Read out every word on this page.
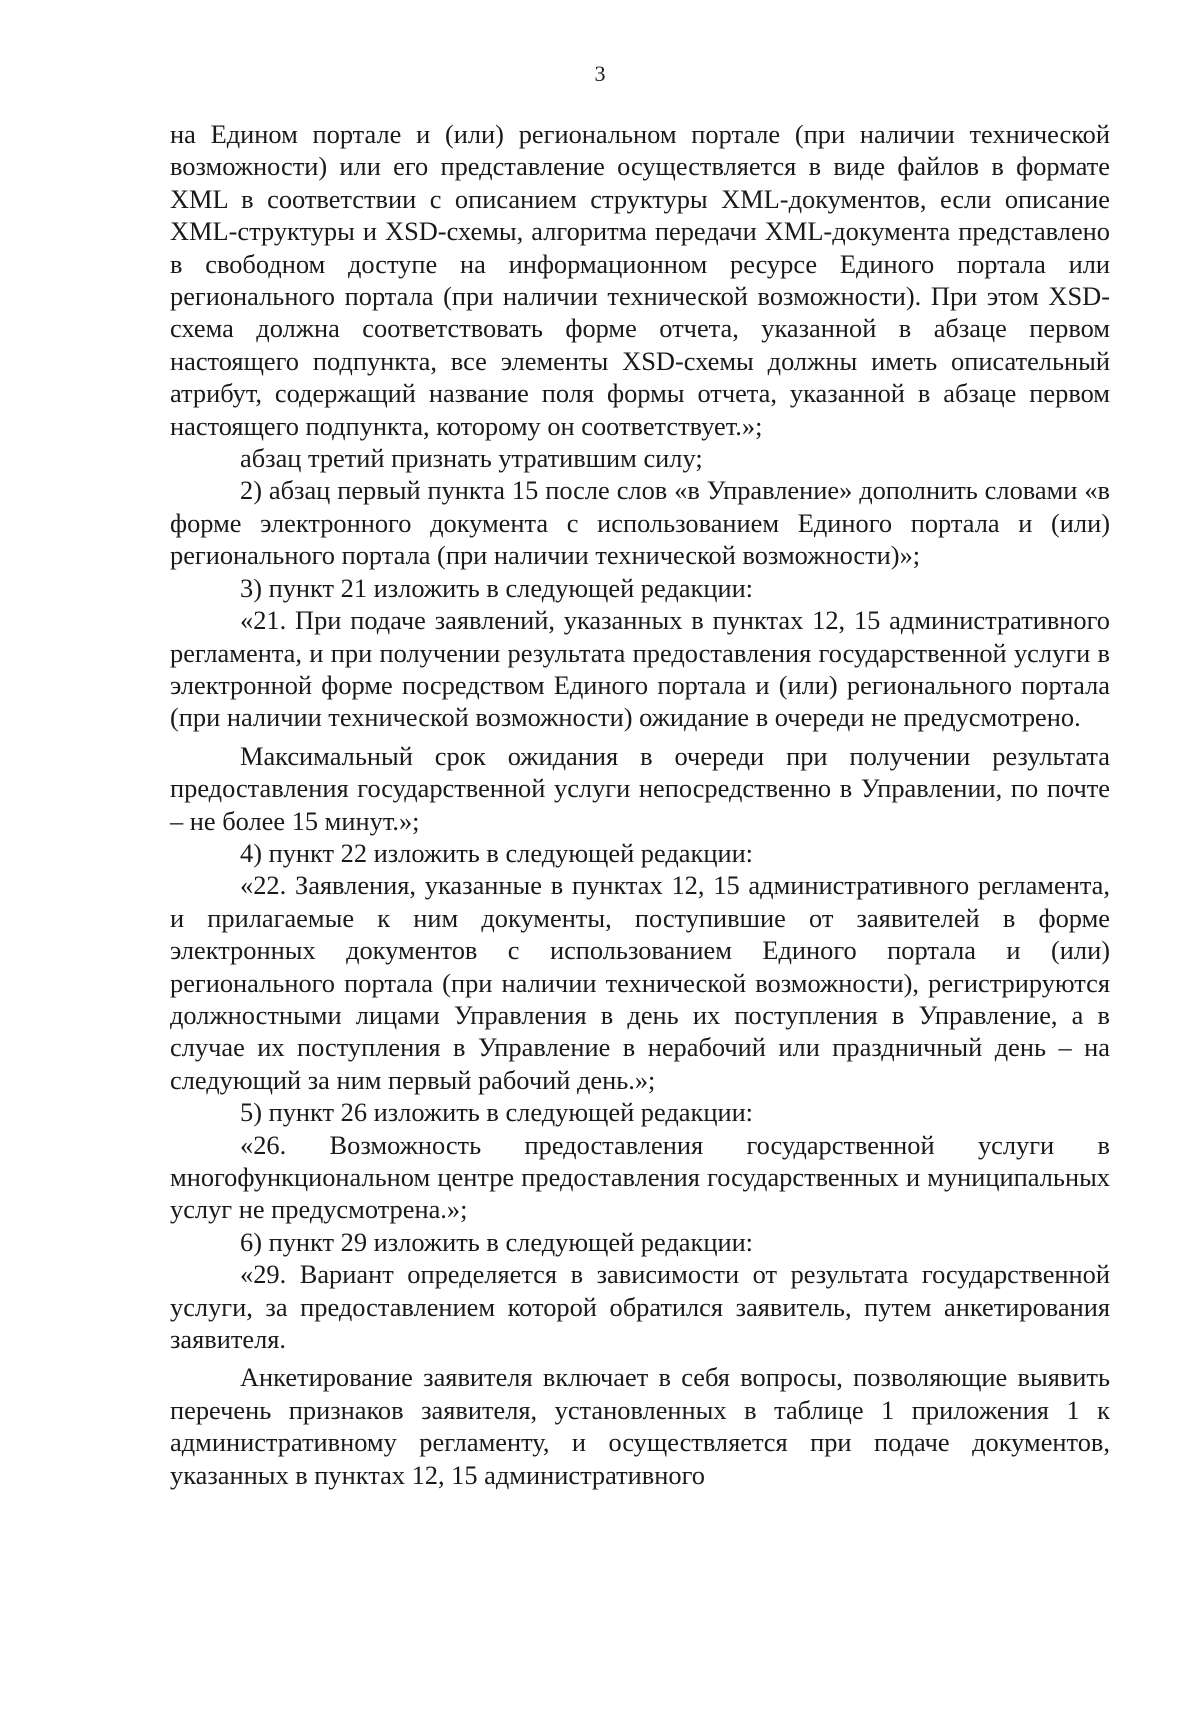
3

на Едином портале и (или) региональном портале (при наличии технической возможности) или его представление осуществляется в виде файлов в формате XML в соответствии с описанием структуры XML-документов, если описание XML-структуры и XSD-схемы, алгоритма передачи XML-документа представлено в свободном доступе на информационном ресурсе Единого портала или регионального портала (при наличии технической возможности). При этом XSD-схема должна соответствовать форме отчета, указанной в абзаце первом настоящего подпункта, все элементы XSD-схемы должны иметь описательный атрибут, содержащий название поля формы отчета, указанной в абзаце первом настоящего подпункта, которому он соответствует.»;

абзац третий признать утратившим силу;

2) абзац первый пункта 15 после слов «в Управление» дополнить словами «в форме электронного документа с использованием Единого портала и (или) регионального портала (при наличии технической возможности)»;

3) пункт 21 изложить в следующей редакции:

«21. При подаче заявлений, указанных в пунктах 12, 15 административного регламента, и при получении результата предоставления государственной услуги в электронной форме посредством Единого портала и (или) регионального портала (при наличии технической возможности) ожидание в очереди не предусмотрено.

Максимальный срок ожидания в очереди при получении результата предоставления государственной услуги непосредственно в Управлении, по почте – не более 15 минут.»;

4) пункт 22 изложить в следующей редакции:

«22. Заявления, указанные в пунктах 12, 15 административного регламента, и прилагаемые к ним документы, поступившие от заявителей в форме электронных документов с использованием Единого портала и (или) регионального портала (при наличии технической возможности), регистрируются должностными лицами Управления в день их поступления в Управление, а в случае их поступления в Управление в нерабочий или праздничный день – на следующий за ним первый рабочий день.»;

5) пункт 26 изложить в следующей редакции:

«26. Возможность предоставления государственной услуги в многофункциональном центре предоставления государственных и муниципальных услуг не предусмотрена.»;

6) пункт 29 изложить в следующей редакции:

«29. Вариант определяется в зависимости от результата государственной услуги, за предоставлением которой обратился заявитель, путем анкетирования заявителя.

Анкетирование заявителя включает в себя вопросы, позволяющие выявить перечень признаков заявителя, установленных в таблице 1 приложения 1 к административному регламенту, и осуществляется при подаче документов, указанных в пунктах 12, 15 административного
